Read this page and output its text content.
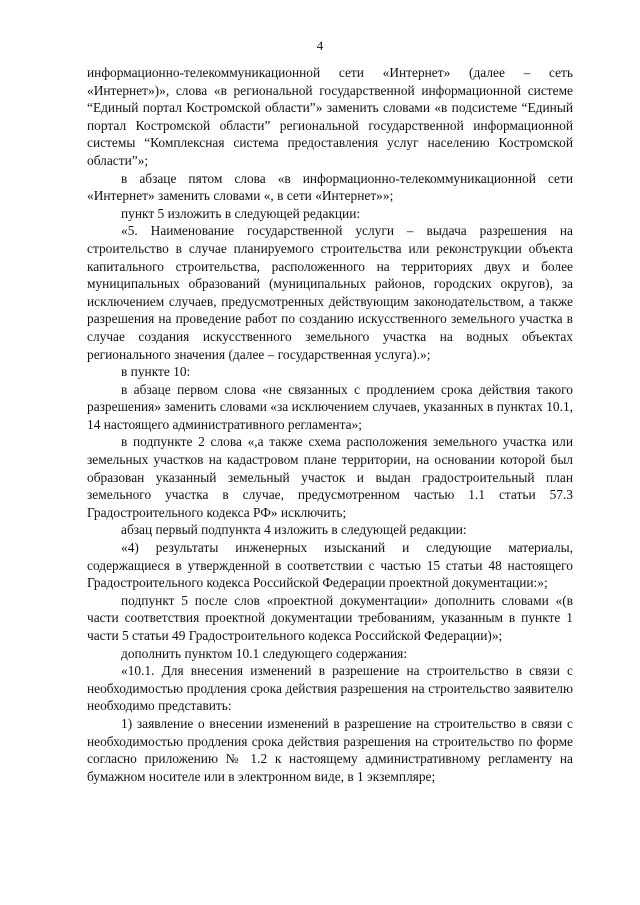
4

информационно-телекоммуникационной сети «Интернет» (далее – сеть «Интернет»)», слова «в региональной государственной информационной системе “Единый портал Костромской области”» заменить словами «в подсистеме “Единый портал Костромской области” региональной государственной информационной системы “Комплексная система предоставления услуг населению Костромской области”»;

в абзаце пятом слова «в информационно-телекоммуникационной сети «Интернет» заменить словами «, в сети «Интернет»»;

пункт 5 изложить в следующей редакции:

«5. Наименование государственной услуги – выдача разрешения на строительство в случае планируемого строительства или реконструкции объекта капитального строительства, расположенного на территориях двух и более муниципальных образований (муниципальных районов, городских округов), за исключением случаев, предусмотренных действующим законодательством, а также разрешения на проведение работ по созданию искусственного земельного участка в случае создания искусственного земельного участка на водных объектах регионального значения (далее – государственная услуга).»;

в пункте 10:

в абзаце первом слова «не связанных с продлением срока действия такого разрешения» заменить словами «за исключением случаев, указанных в пунктах 10.1, 14 настоящего административного регламента»;

в подпункте 2 слова «,а также схема расположения земельного участка или земельных участков на кадастровом плане территории, на основании которой был образован указанный земельный участок и выдан градостроительный план земельного участка в случае, предусмотренном частью 1.1 статьи 57.3 Градостроительного кодекса РФ» исключить;

абзац первый подпункта 4 изложить в следующей редакции:

«4) результаты инженерных изысканий и следующие материалы, содержащиеся в утвержденной в соответствии с частью 15 статьи 48 настоящего Градостроительного кодекса Российской Федерации проектной документации:»;

подпункт 5 после слов «проектной документации» дополнить словами «(в части соответствия проектной документации требованиям, указанным в пункте 1 части 5 статьи 49 Градостроительного кодекса Российской Федерации)»;

дополнить пунктом 10.1 следующего содержания:

«10.1. Для внесения изменений в разрешение на строительство в связи с необходимостью продления срока действия разрешения на строительство заявителю необходимо представить:

1) заявление о внесении изменений в разрешение на строительство в связи с необходимостью продления срока действия разрешения на строительство по форме согласно приложению № 1.2 к настоящему административному регламенту на бумажном носителе или в электронном виде, в 1 экземпляре;
